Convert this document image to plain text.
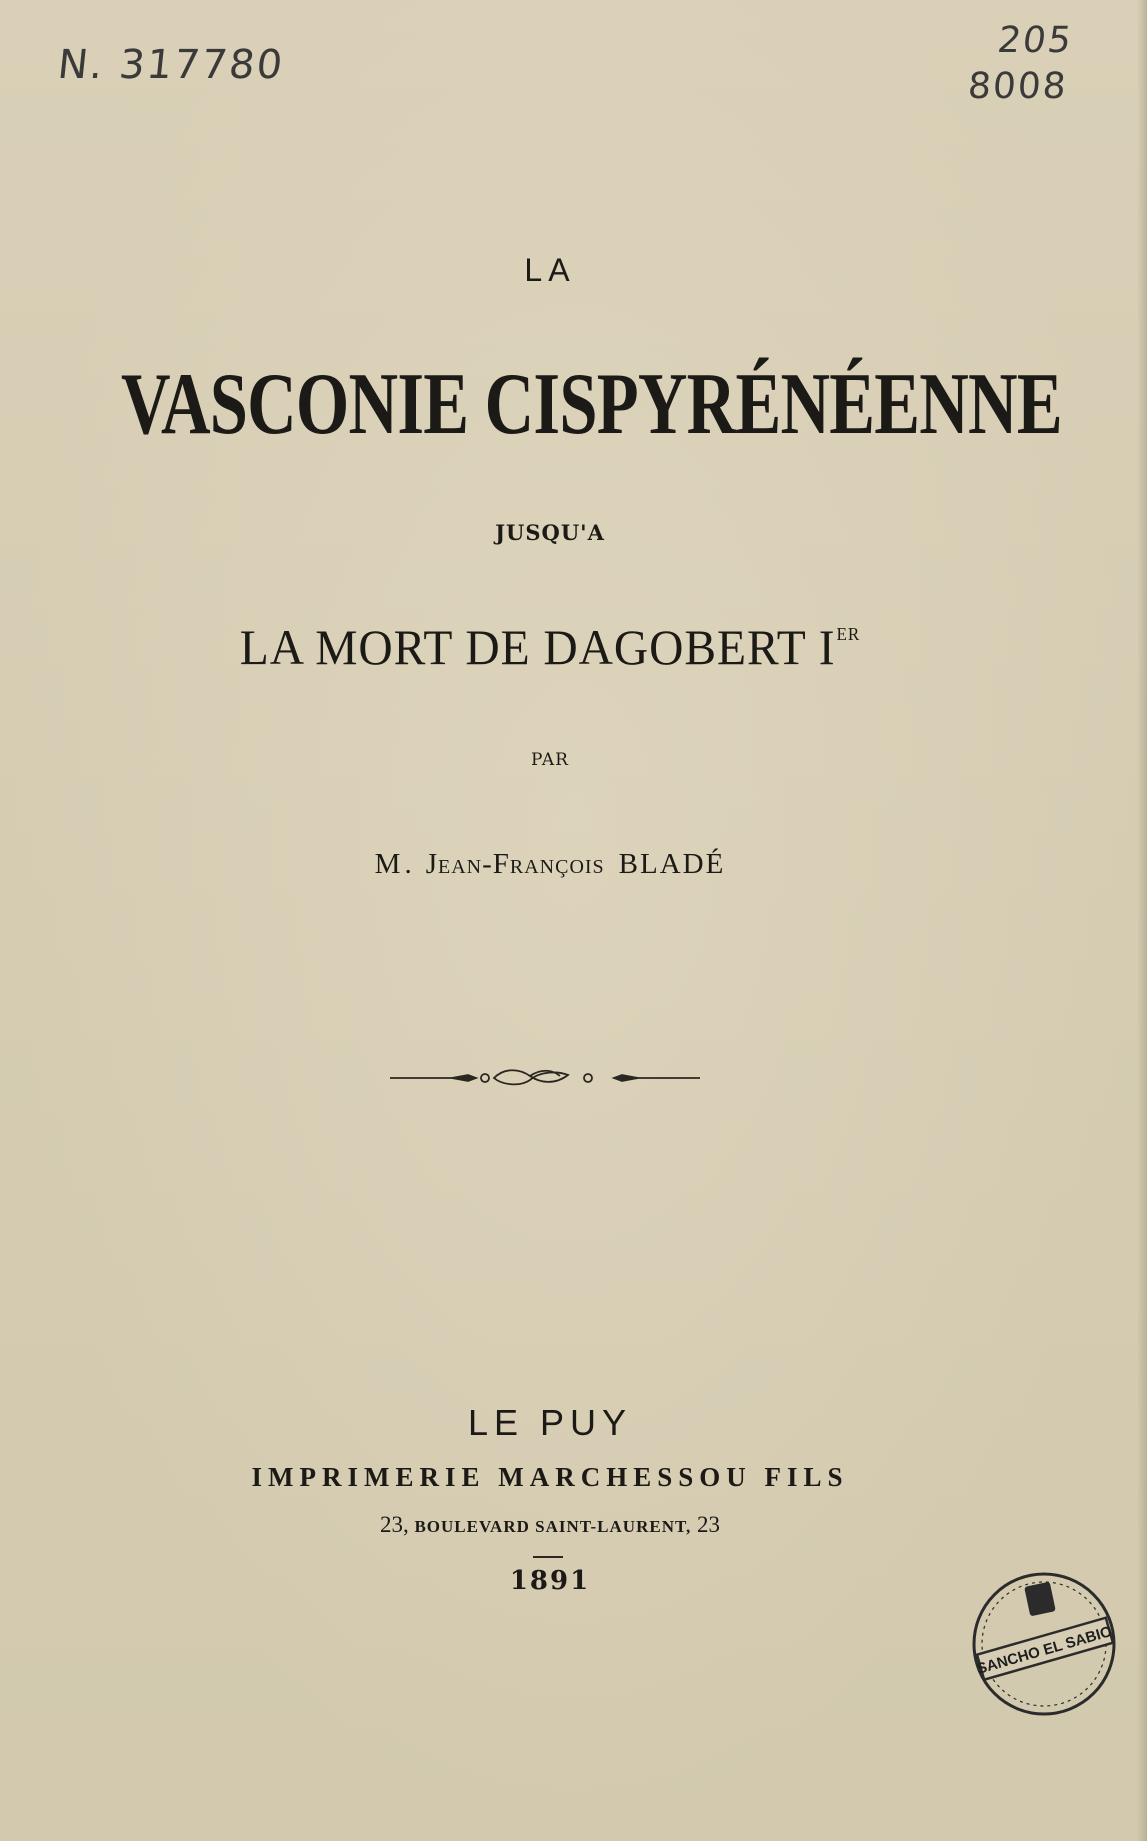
N. 317780
205
8008
LA
VASCONIE CISPYRÉNÉENNE
JUSQU'A
LA MORT DE DAGOBERT IER
PAR
M. Jean-François BLADÉ
LE PUY
IMPRIMERIE MARCHESSOU FILS
23, BOULEVARD SAINT-LAURENT, 23
1891
SANCHO EL SABIO
